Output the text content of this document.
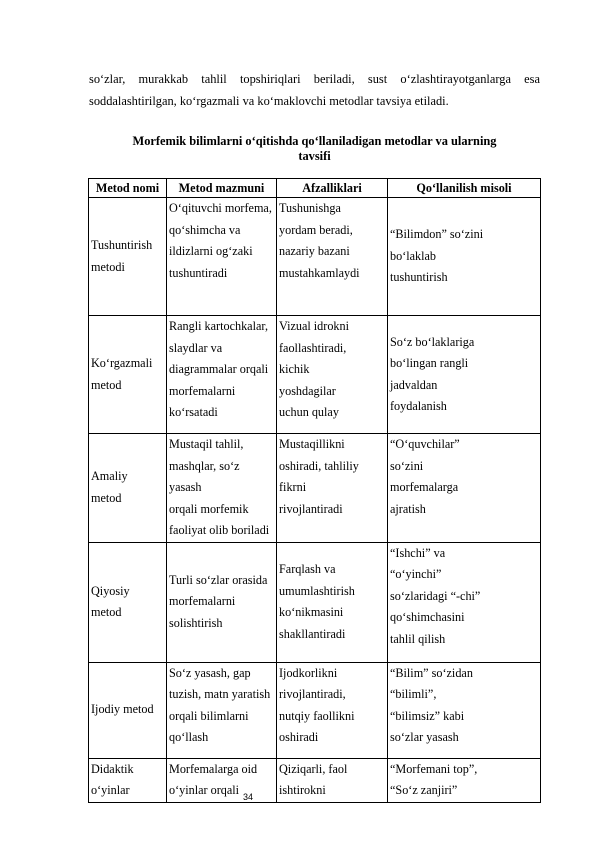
so‘zlar, murakkab tahlil topshiriqlari beriladi, sust o‘zlashtirayotganlarga esa

soddalashtirilgan, ko‘rgazmali va ko‘maklovchi metodlar tavsiya etiladi.

Morfemik bilimlarni o‘qitishda qo‘llaniladigan metodlar va ularning
tavsifi
Metod nomi	Metod mazmuni	Afzalliklari	Qo‘llanilish misoli

Tushuntirish
metodi	O‘qituvchi morfema,
qo‘shimcha va
ildizlarni og‘zaki
tushuntiradi	Tushunishga
yordam beradi,
nazariy bazani
mustahkamlaydi	“Bilimdon” so‘zini
bo‘laklab
tushuntirish

Ko‘rgazmali
metod	Rangli kartochkalar,
slaydlar va
diagrammalar orqali
morfemalarni
ko‘rsatadi	Vizual idrokni
faollashtiradi,
kichik
yoshdagilar
uchun qulay	So‘z bo‘laklariga
bo‘lingan rangli
jadvaldan
foydalanish

Amaliy
metod	Mustaqil tahlil,
mashqlar, so‘z yasash
orqali morfemik
faoliyat olib boriladi	Mustaqillikni
oshiradi, tahliliy
fikrni
rivojlantiradi	“O‘quvchilar”
so‘zini
morfemalarga
ajratish

Qiyosiy
metod	Turli so‘zlar orasida
morfemalarni
solishtirish	Farqlash va
umumlashtirish
ko‘nikmasini
shakllantiradi	“Ishchi” va
“o‘yinchi”
so‘zlaridagi “-chi”
qo‘shimchasini
tahlil qilish

Ijodiy metod	So‘z yasash, gap
tuzish, matn yaratish
orqali bilimlarni
qo‘llash	Ijodkorlikni
rivojlantiradi,
nutqiy faollikni
oshiradi	“Bilim” so‘zidan
“bilimli”,
“bilimsiz” kabi
so‘zlar yasash

Didaktik
o‘yinlar	Morfemalarga oid
o‘yinlar orqali	Qiziqarli, faol
ishtirokni	“Morfemani top”,
“So‘z zanjiri”
34
